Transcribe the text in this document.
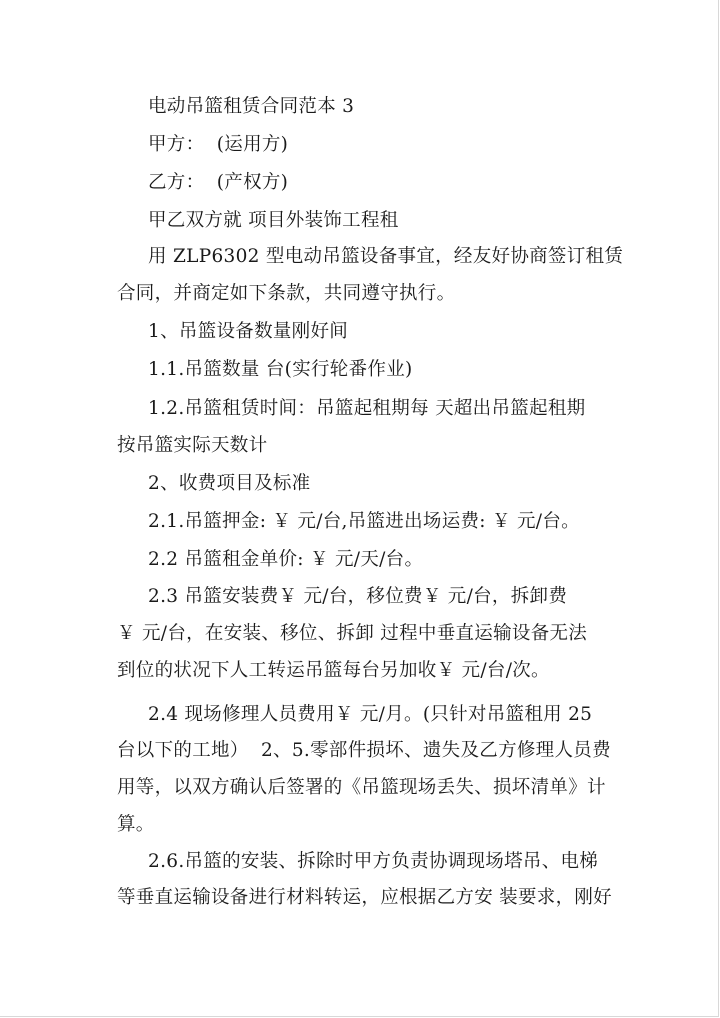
电动吊篮租赁合同范本 3
甲方：  (运用方)
乙方：  (产权方)
甲乙双方就 项目外装饰工程租
用 ZLP6302 型电动吊篮设备事宜，经友好协商签订租赁
合同，并商定如下条款，共同遵守执行。
1、吊篮设备数量刚好间
1.1.吊篮数量 台(实行轮番作业)
1.2.吊篮租赁时间：吊篮起租期每 天超出吊篮起租期
按吊篮实际天数计
2、收费项目及标准
2.1.吊篮押金: ￥ 元/台,吊篮进出场运费: ￥ 元/台。
2.2 吊篮租金单价: ￥ 元/天/台。
2.3 吊篮安装费￥ 元/台，移位费￥ 元/台，拆卸费
￥ 元/台，在安装、移位、拆卸 过程中垂直运输设备无法
到位的状况下人工转运吊篮每台另加收￥ 元/台/次。
2.4 现场修理人员费用￥ 元/月。(只针对吊篮租用 25
台以下的工地）  2、5.零部件损坏、遗失及乙方修理人员费
用等，以双方确认后签署的《吊篮现场丢失、损坏清单》计
算。
2.6.吊篮的安装、拆除时甲方负责协调现场塔吊、电梯
等垂直运输设备进行材料转运，应根据乙方安 装要求，刚好
